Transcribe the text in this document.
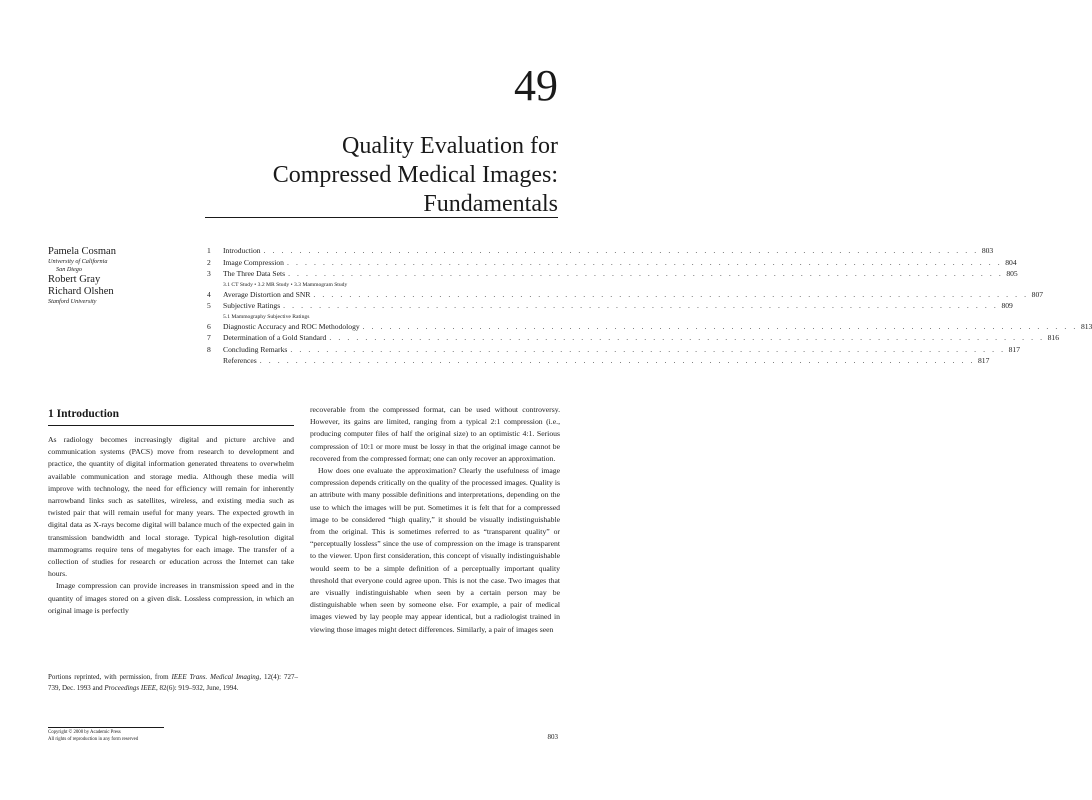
49
Quality Evaluation for
Compressed Medical Images:
Fundamentals
Pamela Cosman
University of California
San Diego
Robert Gray
Richard Olshen
Stanford University
1	Introduction . . . . . . . . . . . . . . . . . . . . . . . . . . . . . . . . . . . . . . . . . . . . . . . . . . . . . . . . . . . . . . . . . . . . . . . . . . . . . . . . 803
2	Image Compression . . . . . . . . . . . . . . . . . . . . . . . . . . . . . . . . . . . . . . . . . . . . . . . . . . . . . . . . . . . . . . . . . . . . . . . . . . . . . . . . 804
3	The Three Data Sets . . . . . . . . . . . . . . . . . . . . . . . . . . . . . . . . . . . . . . . . . . . . . . . . . . . . . . . . . . . . . . . . . . . . . . . . . . . . . . . . 805
3.1 CT Study • 3.2 MR Study • 3.3 Mammogram Study
4	Average Distortion and SNR . . . . . . . . . . . . . . . . . . . . . . . . . . . . . . . . . . . . . . . . . . . . . . . . . . . . . . . . . . . . . . . . . . . . . . . . . . . . . . . . 807
5	Subjective Ratings . . . . . . . . . . . . . . . . . . . . . . . . . . . . . . . . . . . . . . . . . . . . . . . . . . . . . . . . . . . . . . . . . . . . . . . . . . . . . . . . 809
5.1 Mammography Subjective Ratings
6	Diagnostic Accuracy and ROC Methodology . . . . . . . . . . . . . . . . . . . . . . . . . . . . . . . . . . . . . . . . . . . . . . . . . . . . . . . . . . . . . . . . . . . . . . . . . . . . . . . . 813
7	Determination of a Gold Standard . . . . . . . . . . . . . . . . . . . . . . . . . . . . . . . . . . . . . . . . . . . . . . . . . . . . . . . . . . . . . . . . . . . . . . . . . . . . . . . . 816
8	Concluding Remarks . . . . . . . . . . . . . . . . . . . . . . . . . . . . . . . . . . . . . . . . . . . . . . . . . . . . . . . . . . . . . . . . . . . . . . . . . . . . . . . . 817
References . . . . . . . . . . . . . . . . . . . . . . . . . . . . . . . . . . . . . . . . . . . . . . . . . . . . . . . . . . . . . . . . . . . . . . . . . . . . . . . . 817
1 Introduction

As radiology becomes increasingly digital and picture archive and communication systems (PACS) move from research to development and practice, the quantity of digital information generated threatens to overwhelm available communication and storage media. Although these media will improve with technology, the need for efficiency will remain for inherently narrowband links such as satellites, wireless, and existing media such as twisted pair that will remain useful for many years. The expected growth in digital data as X-rays become digital will balance much of the expected gain in transmission bandwidth and local storage. Typical high-resolution digital mammograms require tens of megabytes for each image. The transfer of a collection of studies for research or education across the Internet can take hours.

Image compression can provide increases in transmission speed and in the quantity of images stored on a given disk. Lossless compression, in which an original image is perfectly

recoverable from the compressed format, can be used without controversy. However, its gains are limited, ranging from a typical 2:1 compression (i.e., producing computer files of half the original size) to an optimistic 4:1. Serious compression of 10:1 or more must be lossy in that the original image cannot be recovered from the compressed format; one can only recover an approximation.

How does one evaluate the approximation? Clearly the usefulness of image compression depends critically on the quality of the processed images. Quality is an attribute with many possible definitions and interpretations, depending on the use to which the images will be put. Sometimes it is felt that for a compressed image to be considered “high quality,” it should be visually indistinguishable from the original. This is sometimes referred to as “transparent quality” or “perceptually lossless” since the use of compression on the image is transparent to the viewer. Upon first consideration, this concept of visually indistinguishable would seem to be a simple definition of a perceptually important quality threshold that everyone could agree upon. This is not the case. Two images that are visually indistinguishable when seen by a certain person may be distinguishable when seen by someone else. For example, a pair of medical images viewed by lay people may appear identical, but a radiologist trained in viewing those images might detect differences. Similarly, a pair of images seen

Portions reprinted, with permission, from IEEE Trans. Medical Imaging, 12(4): 727–739, Dec. 1993 and Proceedings IEEE, 82(6): 919–932, June, 1994.
Copyright © 2000 by Academic Press
All rights of reproduction in any form reserved	803
